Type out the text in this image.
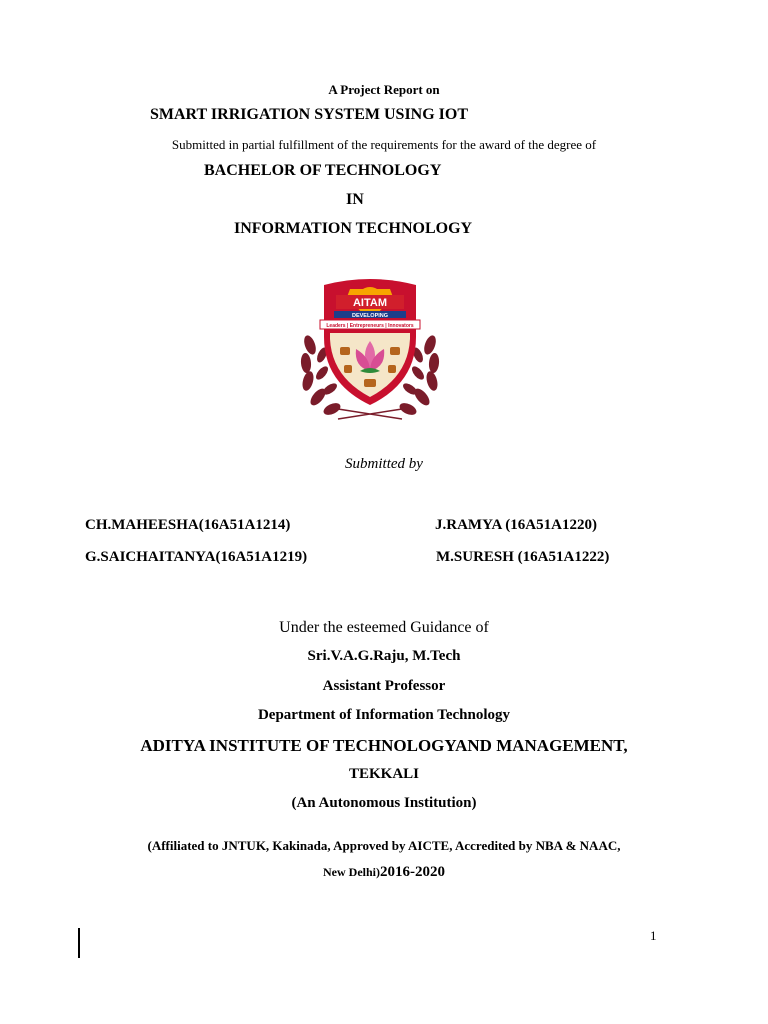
A Project Report on
SMART IRRIGATION SYSTEM USING IOT
Submitted in partial fulfillment of the requirements for the award of the degree of
BACHELOR OF TECHNOLOGY
IN
INFORMATION TECHNOLOGY
AITAM
DEVELOPING
Leaders | Entrepreneurs | Innovators
Submitted by
CH.MAHEESHA(16A51A1214)	J.RAMYA (16A51A1220)
G.SAICHAITANYA(16A51A1219)	M.SURESH (16A51A1222)
Under the esteemed Guidance of
Sri.V.A.G.Raju, M.Tech
Assistant Professor
Department of Information Technology
ADITYA INSTITUTE OF TECHNOLOGYAND MANAGEMENT,
TEKKALI
(An Autonomous Institution)
(Affiliated to JNTUK, Kakinada, Approved by AICTE, Accredited by NBA & NAAC,
New Delhi)2016-2020
1
